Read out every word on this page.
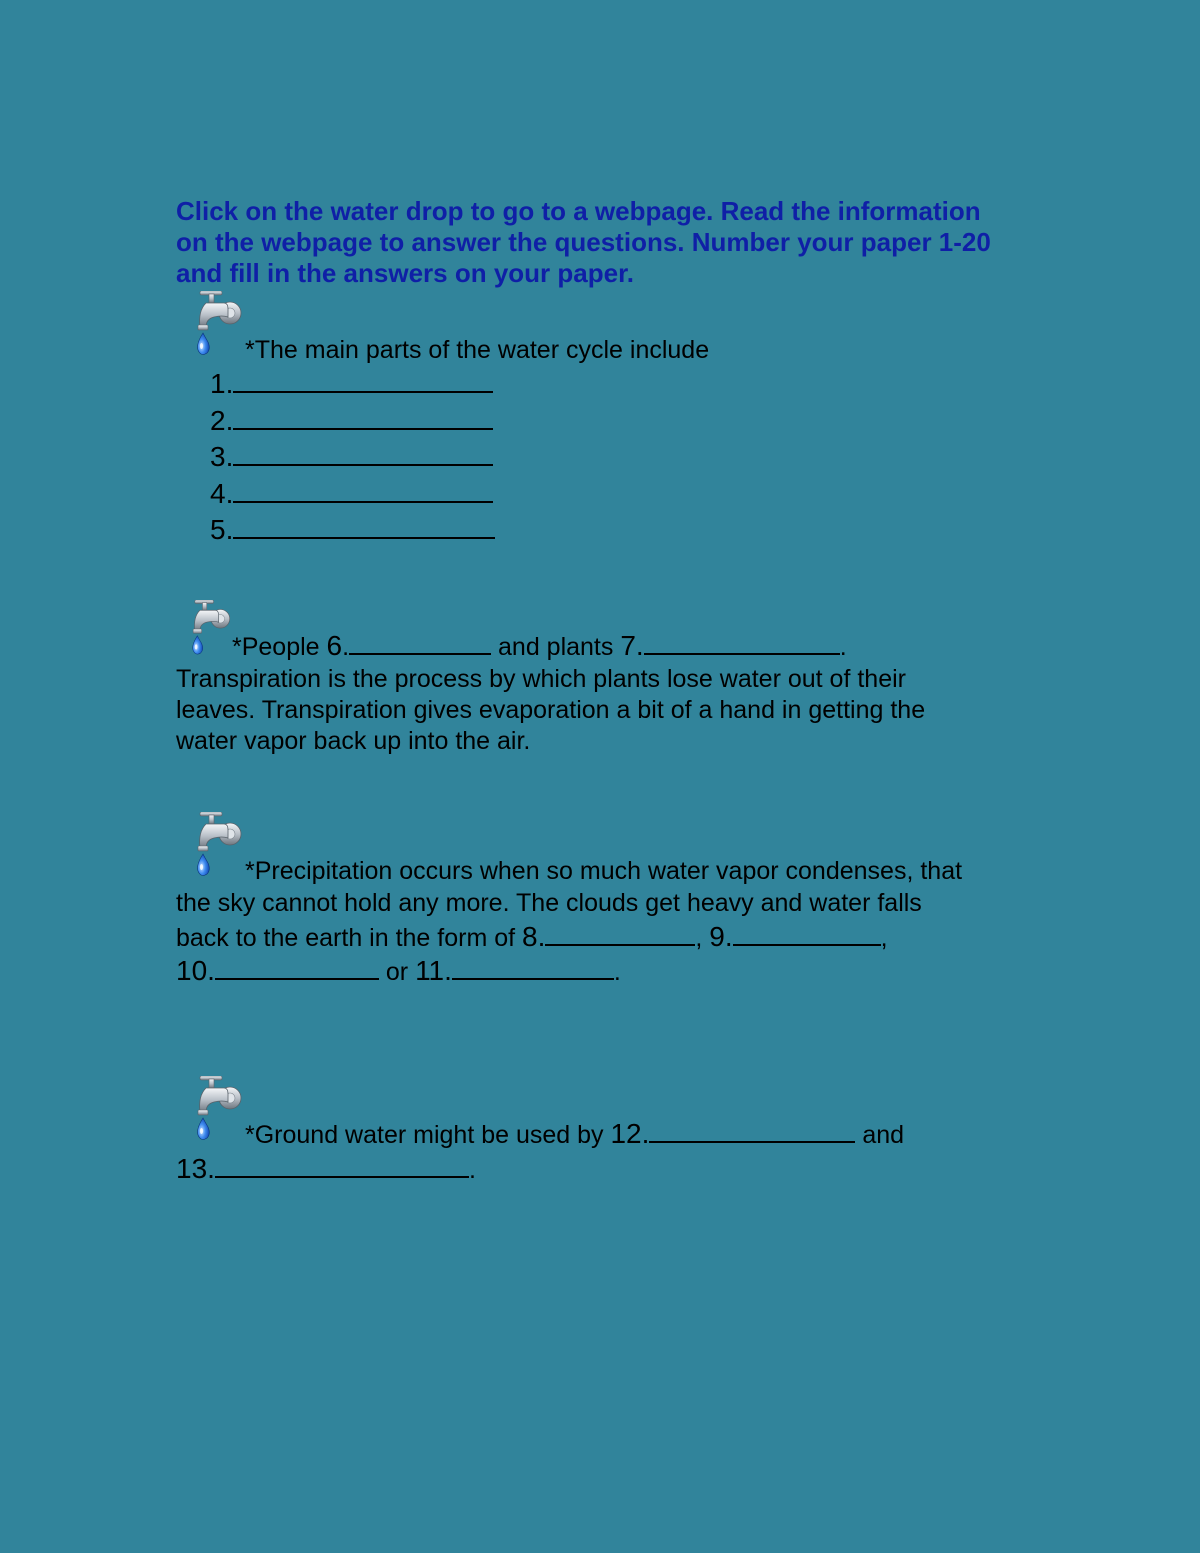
Click on the water drop to go to a webpage. Read the information on the webpage to answer the questions. Number your paper 1-20 and fill in the answers on your paper.

*The main parts of the water cycle include
1.
2.
3.
4.
5.
*People 6.	and plants 7.	.
Transpiration is the process by which plants lose water out of their
leaves. Transpiration gives evaporation a bit of a hand in getting the
water vapor back up into the air.
*Precipitation occurs when so much water vapor condenses, that
the sky cannot hold any more. The clouds get heavy and water falls
back to the earth in the form of 8.	, 9.	,
10.	or 11.	.
*Ground water might be used by 12.	and
13.	.
